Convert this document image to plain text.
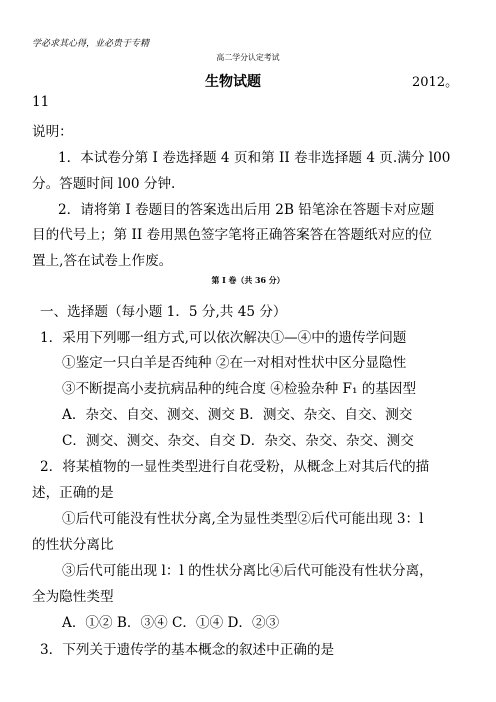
学必求其心得，业必贵于专精
高二学分认定考试
生物试题	2012。
11
说明：
1．本试卷分第 I 卷选择题 4 页和第 II 卷非选择题 4 页.满分 l00
分。答题时间 l00 分钟.
2．请将第 I 卷题目的答案选出后用 2B 铅笔涂在答题卡对应题
目的代号上；第 II 卷用黑色签字笔将正确答案答在答题纸对应的位
置上,答在试卷上作废。
第 I 卷（共 36 分）
一、选择题（每小题 1．5 分,共 45 分）
1．采用下列哪一组方式,可以依次解决①—④中的遗传学问题
①鉴定一只白羊是否纯种 ②在一对相对性状中区分显隐性
③不断提高小麦抗病品种的纯合度 ④检验杂种 F₁ 的基因型
A．杂交、自交、测交、测交 B．测交、杂交、自交、测交
C．测交、测交、杂交、自交 D．杂交、杂交、杂交、测交
2．将某植物的一显性类型进行自花受粉，从概念上对其后代的描
述，正确的是
①后代可能没有性状分离,全为显性类型②后代可能出现 3：l
的性状分离比
③后代可能出现 l：l 的性状分离比④后代可能没有性状分离，
全为隐性类型
A．①② B．③④ C．①④ D．②③
3．下列关于遗传学的基本概念的叙述中正确的是
